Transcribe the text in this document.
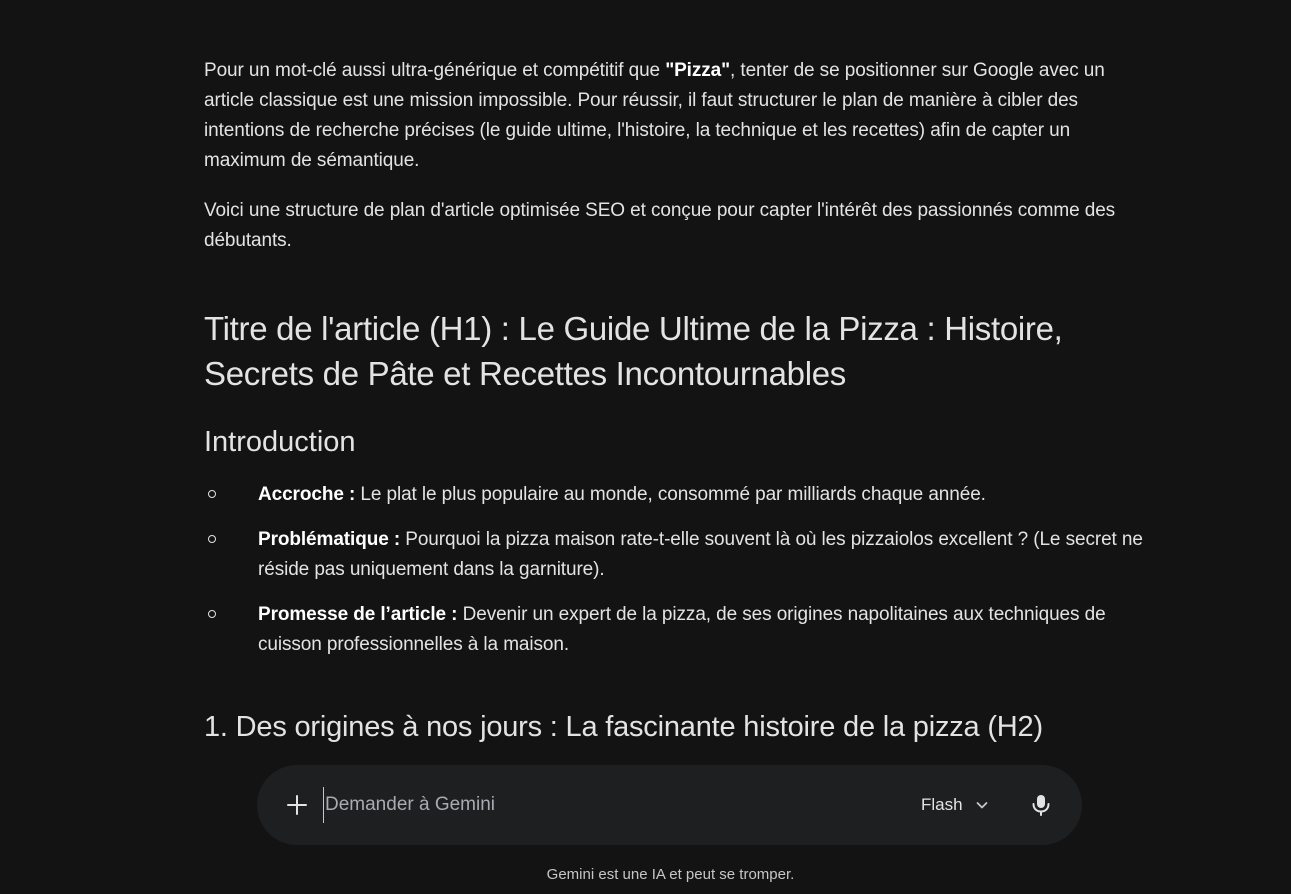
Pour un mot-clé aussi ultra-générique et compétitif que "Pizza", tenter de se positionner sur Google avec un article classique est une mission impossible. Pour réussir, il faut structurer le plan de manière à cibler des intentions de recherche précises (le guide ultime, l'histoire, la technique et les recettes) afin de capter un maximum de sémantique.

Voici une structure de plan d'article optimisée SEO et conçue pour capter l'intérêt des passionnés comme des débutants.

Titre de l'article (H1) : Le Guide Ultime de la Pizza : Histoire, Secrets de Pâte et Recettes Incontournables
Introduction
Accroche : Le plat le plus populaire au monde, consommé par milliards chaque année.
Problématique : Pourquoi la pizza maison rate-t-elle souvent là où les pizzaiolos excellent ? (Le secret ne réside pas uniquement dans la garniture).
Promesse de l’article : Devenir un expert de la pizza, de ses origines napolitaines aux techniques de cuisson professionnelles à la maison.
1. Des origines à nos jours : La fascinante histoire de la pizza (H2)
Demander à Gemini
Flash
Gemini est une IA et peut se tromper.
